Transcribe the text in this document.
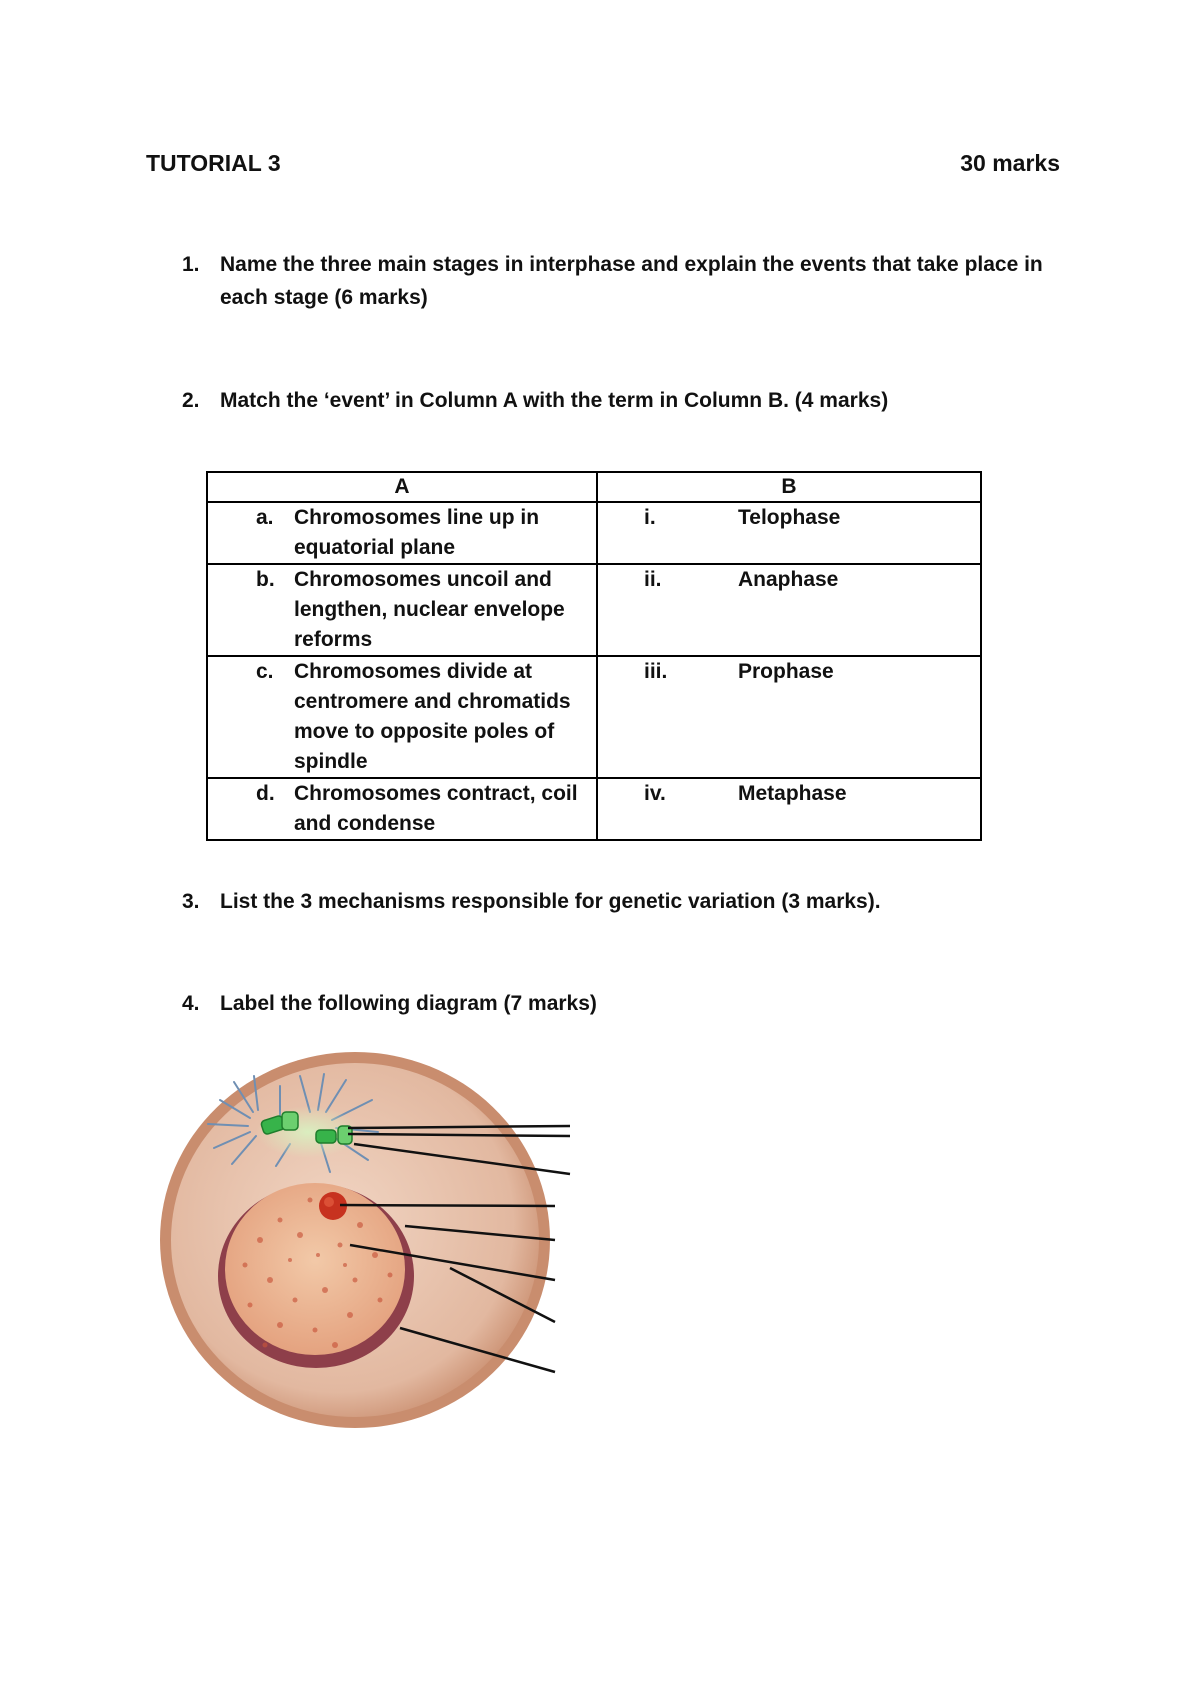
TUTORIAL 3	30 marks
1. Name the three main stages in interphase and explain the events that take place in each stage (6 marks)
2. Match the ‘event’ in Column A with the term in Column B. (4 marks)
A	B

a. Chromosomes line up in equatorial plane	i. Telophase

b. Chromosomes uncoil and lengthen, nuclear envelope reforms	ii. Anaphase

c. Chromosomes divide at centromere and chromatids move to opposite poles of spindle	iii. Prophase

d. Chromosomes contract, coil and condense	iv. Metaphase
3. List the 3 mechanisms responsible for genetic variation (3 marks).
4. Label the following diagram (7 marks)
